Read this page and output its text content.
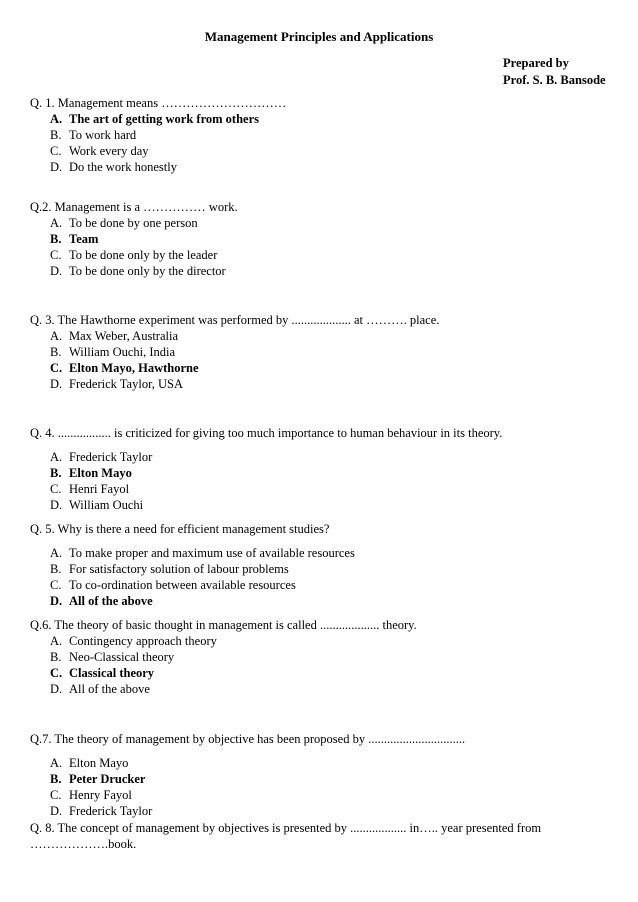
Management Principles and Applications
Prepared by
Prof. S. B. Bansode
Q. 1. Management means …………………………
A. The art of getting work from others
B. To work hard
C. Work every day
D. Do the work honestly
Q.2. Management is a …………… work.
A. To be done by one person
B. Team
C. To be done only by the leader
D. To be done only by the director
Q. 3. The Hawthorne experiment was performed by ................... at ………. place.
A. Max Weber, Australia
B. William Ouchi, India
C. Elton Mayo, Hawthorne
D. Frederick Taylor, USA
Q. 4. ................. is criticized for giving too much importance to human behaviour in its theory.
A. Frederick Taylor
B. Elton Mayo
C. Henri Fayol
D. William Ouchi
Q. 5. Why is there a need for efficient management studies?
A. To make proper and maximum use of available resources
B. For satisfactory solution of labour problems
C. To co-ordination between available resources
D. All of the above
Q.6. The theory of basic thought in management is called ................... theory.
A. Contingency approach theory
B. Neo-Classical theory
C. Classical theory
D. All of the above
Q.7. The theory of management by objective has been proposed by ...............................
A. Elton Mayo
B. Peter Drucker
C. Henry Fayol
D. Frederick Taylor
Q. 8. The concept of management by objectives is presented by .................. in….. year presented from ……………….book.
